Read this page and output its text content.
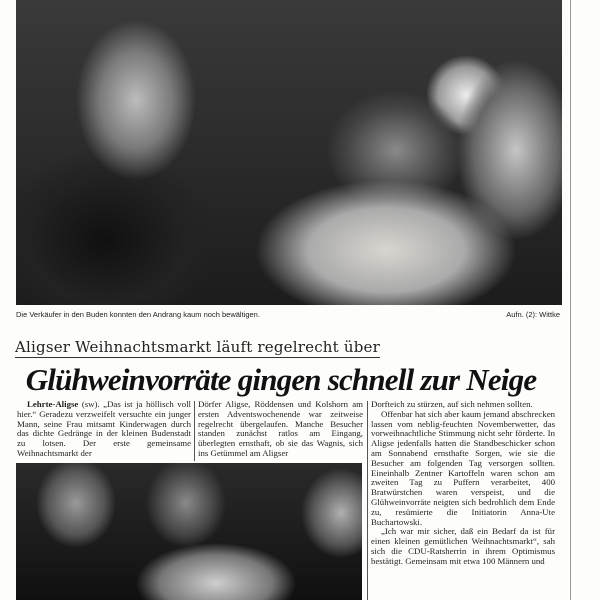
Die Verkäufer in den Buden konnten den Andrang kaum noch bewältigen.	Aufn. (2): Wittke
Aligser Weihnachtsmarkt läuft regelrecht über
Glühweinvorräte gingen schnell zur Neige

Lehrte-Aligse (sw). „Das ist ja höllisch voll hier.“ Geradezu verzweifelt versuchte ein junger Mann, seine Frau mitsamt Kinderwagen durch das dichte Gedränge in der kleinen Budenstadt zu lotsen. Der erste gemeinsame Weihnachtsmarkt der

Dörfer Aligse, Röddensen und Kolshorn am ersten Adventswochenende war zeitweise regelrecht übergelaufen. Manche Besucher standen zunächst ratlos am Eingang, überlegten ernsthaft, ob sie das Wagnis, sich ins Getümmel am Aligser

Dorfteich zu stürzen, auf sich nehmen sollten.

Offenbar hat sich aber kaum jemand abschrecken lassen vom neblig-feuchten Novemberwetter, das vorweihnachtliche Stimmung nicht sehr förderte. In Aligse jedenfalls hatten die Standbeschicker schon am Sonnabend ernsthafte Sorgen, wie sie die Besucher am folgenden Tag versorgen sollten. Eineinhalb Zentner Kartoffeln waren schon am zweiten Tag zu Puffern verarbeitet, 400 Bratwürstchen waren verspeist, und die Glühweinvorräte neigten sich bedrohlich dem Ende zu, resümierte die Initiatorin Anna-Ute Buchartowski.

„Ich war mir sicher, daß ein Bedarf da ist für einen kleinen gemütlichen Weihnachtsmarkt“, sah sich die CDU-Ratsherrin in ihrem Optimismus bestätigt. Gemeinsam mit etwa 100 Männern und
